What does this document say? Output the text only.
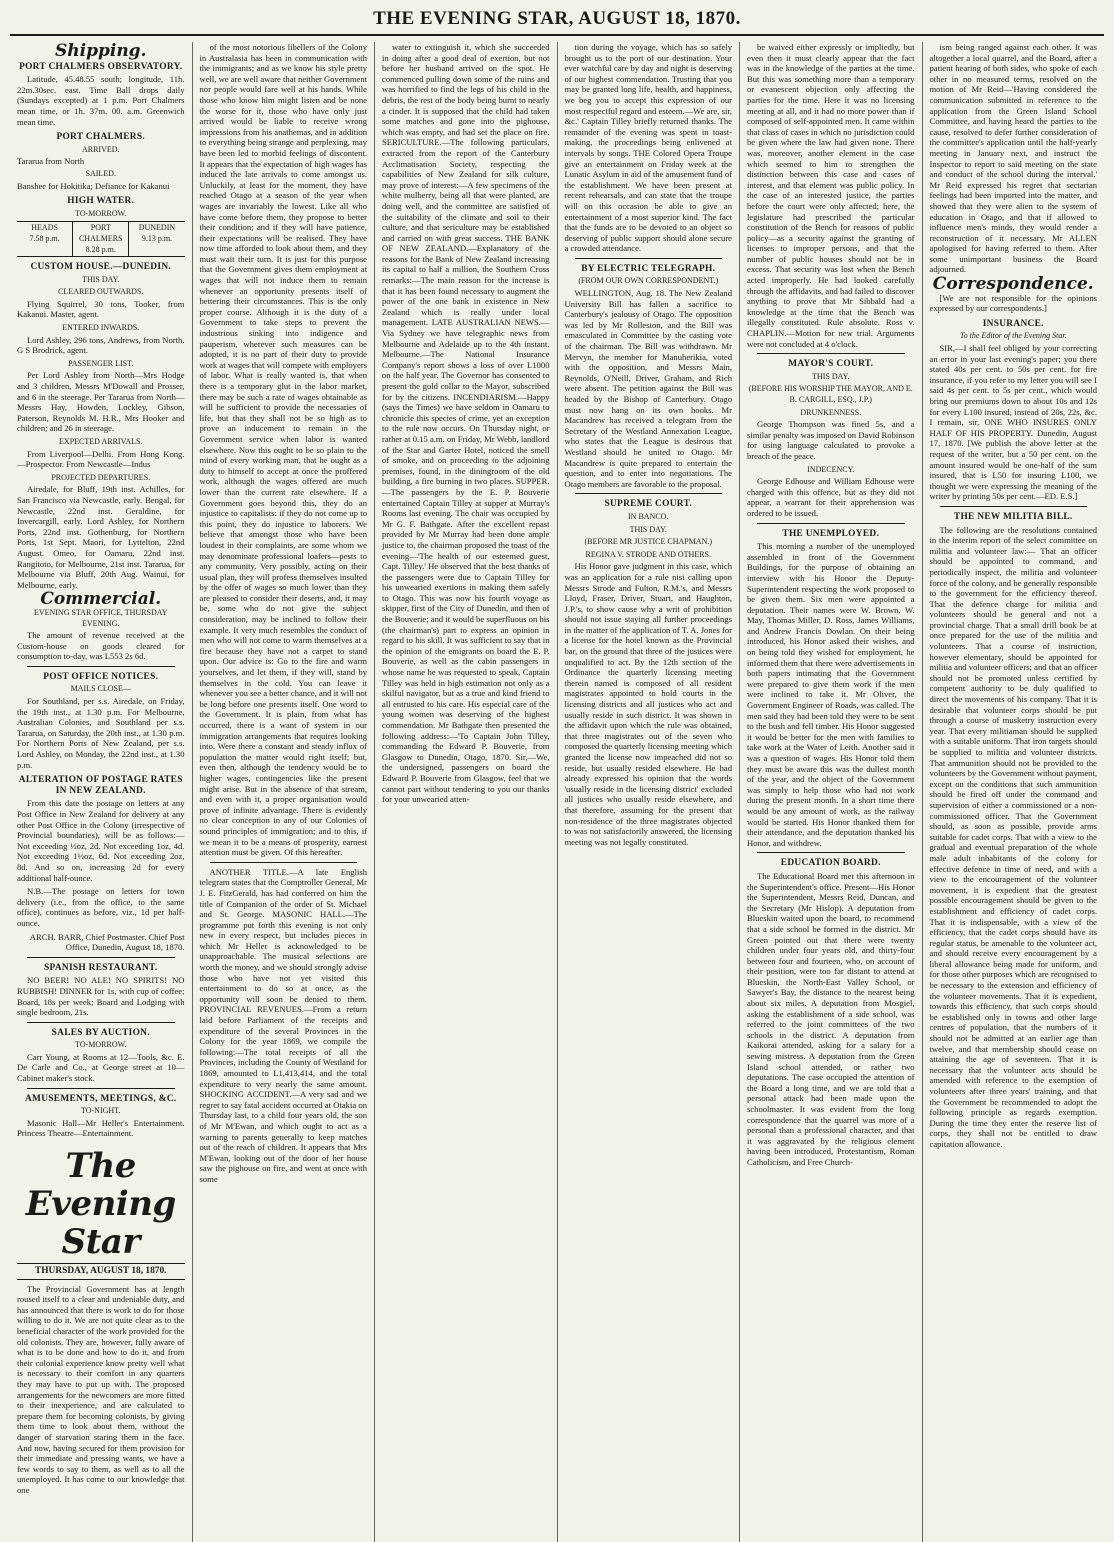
THE EVENING STAR, AUGUST 18, 1870.
Shipping.
PORT CHALMERS OBSERVATORY.

Latitude, 45.48.55 south; longitude, 11h. 22m.30sec. east. Time Ball drops daily (Sundays excepted) at 1 p.m. Port Chalmers mean time, or 1h. 37m. 00. a.m. Greenwich mean time.

PORT CHALMERS.
ARRIVED.

Tararua from North

SAILED.

Banshee for Hokitika; Defiance for Kakanui

HIGH WATER.
TO-MORROW.
HEADS
7.58 p.m.
PORT CHALMERS
8.28 p.m.
DUNEDIN
9.13 p.m.
CUSTOM HOUSE.—DUNEDIN.
THIS DAY.
CLEARED OUTWARDS.

Flying Squirrel, 30 tons, Tooker, from Kakanui. Master, agent.

ENTERED INWARDS.

Lord Ashley, 296 tons, Andrews, from North. G S Brodrick, agent.

PASSENGER LIST.

Per Lord Ashley from North—Mrs Hodge and 3 children, Messrs M'Dowall and Prosser, and 6 in the steerage. Per Tararua from North—Messrs Hay, Howden, Lockley, Gibson, Paterson, Reynolds M. H.R., Mrs Hooker and children; and 26 in steerage.

EXPECTED ARRIVALS.

From Liverpool—Delhi. From Hong Kong.—Prospector. From Newcastle—Indus

PROJECTED DEPARTURES.

Airedale, for Bluff, 19th inst. Achilles, for San Francisco via Newcastle, early. Bengal, for Newcastle, 22nd inst. Geraldine, for Invercargill, early. Lord Ashley, for Northern Ports, 22nd inst. Gothenburg, for Northern Ports, 1st Sept. Maori, for Lyttelton, 22nd August. Omeo, for Oamaru, 22nd inst. Rangitoto, for Melbourne, 21st inst. Tararua, for Melbourne via Bluff, 20th Aug. Wainui, for Melbourne, early.

Commercial.
EVENING STAR OFFICE, THURSDAY EVENING.

The amount of revenue received at the Custom-house on goods cleared for consumption to-day, was L553 2s 6d.

POST OFFICE NOTICES.
MAILS CLOSE—

For Southland, per s.s. Airedale, on Friday, the 19th inst., at 1.30 p.m. For Melbourne, Australian Colonies, and Southland per s.s. Tararua, on Saturday, the 20th inst., at 1.30 p.m. For Northern Ports of New Zealand, per s.s. Lord Ashley, on Monday, the 22nd inst., at 1.30 p.m.

ALTERATION OF POSTAGE RATES IN NEW ZEALAND.

From this date the postage on letters at any Post Office in New Zealand for delivery at any other Post Office in the Colony (irrespective of Provincial boundaries), will be as follows:— Not exceeding ½oz, 2d. Not exceeding 1oz, 4d. Not exceeding 1½oz, 6d. Not exceeding 2oz, 8d. And so on, increasing 2d for every additional half-ounce.

N.B.—The postage on letters for town delivery (i.e., from the office, to the same office), continues as before, viz., 1d per half-ounce.

ARCH. BARR, Chief Postmaster. Chief Post Office, Dunedin, August 18, 1870.

SPANISH RESTAURANT.

NO BEER! NO ALE! NO SPIRITS! NO RUBBISH! DINNER for 1s, with cup of coffee; Board, 18s per week; Board and Lodging with single bedroom, 21s.

SALES BY AUCTION.
TO-MORROW.

Carr Young, at Rooms at 12—Tools, &c. E. De Carle and Co., at George street at 10—Cabinet maker's stock.

AMUSEMENTS, MEETINGS, &C.
TO-NIGHT.

Masonic Hall—Mr Heller's Entertainment. Princess Theatre—Entertainment.

The Evening Star
THURSDAY, AUGUST 18, 1870.

The Provincial Government has at length roused itself to a clear and undeniable duty, and has announced that there is work to do for those willing to do it. We are not quite clear as to the beneficial character of the work provided for the old colonists. They are, however, fully aware of what is to be done and how to do it, and from their colonial experience know pretty well what is necessary to their comfort in any quarters they may have to put up with. The proposed arrangements for the newcomers are more fitted to their inexperience, and are calculated to prepare them for becoming colonists, by giving them time to look about them, without the danger of starvation staring them in the face. And now, having secured for them provision for their immediate and pressing wants, we have a few words to say to them, as well as to all the unemployed. It has come to our knowledge that one

of the most notorious libellers of the Colony in Australasia has been in communication with the immigrants; and as we know his style pretty well, we are well aware that neither Government nor people would fare well at his hands. While those who know him might listen and be none the worse for it, those who have only just arrived would be liable to receive wrong impressions from his anathemas, and in addition to everything being strange and perplexing, may have been led to morbid feelings of discontent. It appears that the expectation of high wages has induced the late arrivals to come amongst us. Unluckily, at least for the moment, they have reached Otago at a season of the year when wages are invariably the lowest. Like all who have come before them, they propose to better their condition; and if they will have patience, their expectations will be realised. They have now time afforded to look about them, and they must wait their turn. It is just for this purpose that the Government gives them employment at wages that will not induce them to remain whenever an opportunity presents itself of bettering their circumstances. This is the only proper course. Although it is the duty of a Government to take steps to prevent the industrious sinking into indigence and pauperism, wherever such measures can be adopted, it is no part of their duty to provide work at wages that will compete with employers of labor. What is really wanted is, that when there is a temporary glut in the labor market, there may be such a rate of wages obtainable as will be sufficient to provide the necessaries of life, but that they shall not be so high as to prove an inducement to remain in the Government service when labor is wanted elsewhere. Now this ought to be so plain to the mind of every working man, that he ought as a duty to himself to accept at once the proffered work, although the wages offered are much lower than the current rate elsewhere. If a Government goes beyond this, they do an injustice to capitalists: if they do not come up to this point, they do injustice to laborers. We believe that amongst those who have been loudest in their complaints, are some whom we may denominate professional loafers—pests to any community. Very possibly, acting on their usual plan, they will profess themselves insulted by the offer of wages so much lower than they are pleased to consider their deserts, and, it may be, some who do not give the subject consideration, may be inclined to follow their example. It very much resembles the conduct of men who will not come to warm themselves at a fire because they have not a carpet to stand upon. Our advice is: Go to the fire and warm yourselves, and let them, if they will, stand by themselves in the cold. You can leave it whenever you see a better chance, and it will not be long before one presents itself. One word to the Government. It is plain, from what has occurred, there is a want of system in our immigration arrangements that requires looking into. Were there a constant and steady influx of population the matter would right itself; but, even then, although the tendency would be to higher wages, contingencies like the present might arise. But in the absence of that stream, and even with it, a proper organisation would prove of infinite advantage. There is evidently no clear conception in any of our Colonies of sound principles of immigration; and to this, if we mean it to be a means of prosperity, earnest attention must be given. Of this hereafter.

ANOTHER TITLE.—A late English telegram states that the Comptroller General, Mr J. E. FitzGerald, has had conferred on him the title of Companion of the order of St. Michael and St. George. MASONIC HALL.—The programme put forth this evening is not only new in every respect, but includes pieces in which Mr Heller is acknowledged to be unapproachable. The musical selections are worth the money, and we should strongly advise those who have not yet visited this entertainment to do so at once, as the opportunity will soon be denied to them. PROVINCIAL REVENUES.—From a return laid before Parliament of the receipts and expenditure of the several Provinces in the Colony for the year 1869, we compile the following:—The total receipts of all the Provinces, including the County of Westland for 1869, amounted to L1,413,414, and the total expenditure to very nearly the same amount. SHOCKING ACCIDENT.—A very sad and we regret to say fatal accident occurred at Otakia on Thursday last, to a child four years old, the son of Mr M'Ewan, and which ought to act as a warning to parents generally to keep matches out of the reach of children. It appears that Mrs M'Ewan, looking out of the door of her house saw the pighouse on fire, and went at once with some

water to extinguish it, which she succeeded in doing after a good deal of exertion, but not before her husband arrived on the spot. He commenced pulling down some of the ruins and was horrified to find the legs of his child in the debris, the rest of the body being burnt to nearly a cinder. It is supposed that the child had taken some matches and gone into the pighouse, which was empty, and had set the place on fire. SERICULTURE.—The following particulars, extracted from the report of the Canterbury Acclimatisation Society, respecting the capabilities of New Zealand for silk culture, may prove of interest:—A few specimens of the white mulberry, being all that were planted, are doing well, and the committee are satisfied of the suitability of the climate and soil to their culture, and that sericulture may be established and carried on with great success. THE BANK OF NEW ZEALAND.—Explanatory of the reasons for the Bank of New Zealand increasing its capital to half a million, the Southern Cross remarks:—The main reason for the increase is that it has been found necessary to augment the power of the one bank in existence in New Zealand which is really under local management. LATE AUSTRALIAN NEWS.—Via Sydney we have telegraphic news from Melbourne and Adelaide up to the 4th instant. Melbourne.—The National Insurance Company's report shows a loss of over L1000 on the half year. The Governor has consented to present the gold collar to the Mayor, subscribed for by the citizens. INCENDIARISM.—Happy (says the Times) we have seldom in Oamaru to chronicle this species of crime, yet an exception to the rule now occurs. On Thursday night, or rather at 0.15 a.m. on Friday, Mr Webb, landlord of the Star and Garter Hotel, noticed the smell of smoke, and on proceeding to the adjoining premises, found, in the diningroom of the old building, a fire burning in two places. SUPPER.—The passengers by the E. P. Bouverie entertained Captain Tilley at supper at Murray's Rooms last evening. The chair was occupied by Mr G. F. Bathgate. After the excellent repast provided by Mr Murray had been done ample justice to, the chairman proposed the toast of the evening—'The health of our esteemed guest, Capt. Tilley.' He observed that the best thanks of the passengers were due to Captain Tilley for his unwearied exertions in making them safely to Otago. This was now his fourth voyage as skipper, first of the City of Dunedin, and then of the Bouverie; and it would be superfluous on his (the chairman's) part to express an opinion in regard to his skill. It was sufficient to say that in the opinion of the emigrants on board the E. P. Bouverie, as well as the cabin passengers in whose name he was requested to speak, Captain Tilley was held in high estimation not only as a skilful navigator, but as a true and kind friend to all entrusted to his care. His especial care of the young women was deserving of the highest commendation. Mr Bathgate then presented the following address:—'To Captain John Tilley, commanding the Edward P. Bouverie, from Glasgow to Dunedin, Otago, 1870. Sir,—We, the undersigned, passengers on board the Edward P. Bouverie from Glasgow, feel that we cannot part without tendering to you our thanks for your unwearied atten-

tion during the voyage, which has so safely brought us to the port of our destination. Your ever watchful care by day and night is deserving of our highest commendation. Trusting that you may be granted long life, health, and happiness, we beg you to accept this expression of our most respectful regard and esteem.—We are, sir, &c.' Captain Tilley briefly returned thanks. The remainder of the evening was spent in toast-making, the proceedings being enlivened at intervals by songs. THE Colored Opera Troupe give an entertainment on Friday week at the Lunatic Asylum in aid of the amusement fund of the establishment. We have been present at recent rehearsals, and can state that the troupe will on this occasion be able to give an entertainment of a most superior kind. The fact that the funds are to be devoted to an object so deserving of public support should alone secure a crowded attendance.

BY ELECTRIC TELEGRAPH.
(FROM OUR OWN CORRESPONDENT.)

WELLINGTON, Aug. 18. The New Zealand University Bill has fallen a sacrifice to Canterbury's jealousy of Otago. The opposition was led by Mr Rolleston, and the Bill was emasculated in Committee by the casting vote of the chairman. The Bill was withdrawn. Mr Mervyn, the member for Manuherikia, voted with the opposition, and Messrs Main, Reynolds, O'Neill, Driver, Graham, and Rich were absent. The petition against the Bill was headed by the Bishop of Canterbury. Otago must now hang on its own hooks. Mr Macandrew has received a telegram from the Secretary of the Westland Annexation League, who states that the League is desirous that Westland should be united to Otago. Mr Macandrew is quite prepared to entertain the question, and to enter into negotiations. The Otago members are favorable to the proposal.

SUPREME COURT.
IN BANCO.
THIS DAY.
(BEFORE MR JUSTICE CHAPMAN.)
REGINA V. STRODE AND OTHERS.

His Honor gave judgment in this case, which was an application for a rule nisi calling upon Messrs Strode and Fulton, R.M.'s, and Messrs Lloyd, Fraser, Driver, Stuart, and Haughton, J.P.'s, to show cause why a writ of prohibition should not issue staying all further proceedings in the matter of the application of T. A. Jones for a license for the hotel known as the Provincial bar, on the ground that three of the justices were unqualified to act. By the 12th section of the Ordinance the quarterly licensing meeting therein named is composed of all resident magistrates appointed to hold courts in the licensing districts and all justices who act and usually reside in such district. It was shown in the affidavit upon which the rule was obtained, that three magistrates out of the seven who composed the quarterly licensing meeting which granted the license now impeached did not so reside, but usually resided elsewhere. He had already expressed his opinion that the words 'usually reside in the licensing district' excluded all justices who usually reside elsewhere, and that therefore, assuming for the present that non-residence of the three magistrates objected to was not satisfactorily answered, the licensing meeting was not legally constituted.

be waived either expressly or impliedly, but even then it must clearly appear that the fact was in the knowledge of the parties at the time. But this was something more than a temporary or evanescent objection only affecting the parties for the time. Here it was no licensing meeting at all, and it had no more power than if composed of self-appointed men. It came within that class of cases in which no jurisdiction could be given where the law had given none. There was, moreover, another element in the case which seemed to him to strengthen the distinction between this case and cases of interest, and that element was public policy. In the case of an interested justice, the parties before the court were only affected; here, the legislature had prescribed the particular constitution of the Bench for reasons of public policy—as a security against the granting of licenses to improper persons, and that the number of public houses should not be in excess. That security was lost when the Bench acted improperly. He had looked carefully through the affidavits, and had failed to discover anything to prove that Mr Sibbald had a knowledge at the time that the Bench was illegally constituted. Rule absolute. Ross v. CHAPLIN.—Motion for new trial. Arguments were not concluded at 4 o'clock.

MAYOR'S COURT.
THIS DAY.
(BEFORE HIS WORSHIP THE MAYOR, AND E. B. CARGILL, ESQ., J.P.)
DRUNKENNESS.

George Thompson was fined 5s, and a similar penalty was imposed on David Robinson for using language calculated to provoke a breach of the peace.

INDECENCY.

George Edhouse and William Edhouse were charged with this offence, but as they did not appear, a warrant for their apprehension was ordered to be issued.

THE UNEMPLOYED.

This morning a number of the unemployed assembled in front of the Government Buildings, for the purpose of obtaining an interview with his Honor the Deputy-Superintendent respecting the work proposed to be given them. Six men were appointed a deputation. Their names were W. Brown, W. May, Thomas Miller, D. Ross, James Williams, and Andrew Francis Dowlan. On their being introduced, his Honor asked their wishes, and on being told they wished for employment, he informed them that there were advertisements in both papers intimating that the Government were prepared to give them work if the men were inclined to take it. Mr Oliver, the Government Engineer of Roads, was called. The men said they had been told they were to be sent to the bush and fell timber. His Honor suggested it would be better for the men with families to take work at the Water of Leith. Another said it was a question of wages. His Honor told them they must be aware this was the dullest month of the year, and the object of the Government was simply to help those who had not work during the present month. In a short time there would be any amount of work, as the railway would be started. His Honor thanked them for their attendance, and the deputation thanked his Honor, and withdrew.

EDUCATION BOARD.

The Educational Board met this afternoon in the Superintendent's office. Present—His Honor the Superintendent, Messrs Reid, Duncan, and the Secretary (Mr Hislop). A deputation from Blueskin waited upon the board, to recommend that a side school be formed in the district. Mr Green pointed out that there were twenty children under four years old, and thirty-four between four and fourteen, who, on account of their position, were too far distant to attend at Blueskin, the North-East Valley School, or Sawyer's Bay, the distance to the nearest being about six miles. A deputation from Mosgiel, asking the establishment of a side school, was referred to the joint committees of the two schools in the district. A deputation from Kaikorai attended, asking for a salary for a sewing mistress. A deputation from the Green Island school attended, or rather two deputations. The case occupied the attention of the Board a long time, and we are told that a personal attack had been made upon the schoolmaster. It was evident from the long correspondence that the quarrel was more of a personal than a professional character, and that it was aggravated by the religious element having been introduced, Protestantism, Roman Catholicism, and Free Church-

ism being ranged against each other. It was altogether a local quarrel, and the Board, after a patient hearing of both sides, who spoke of each other in no measured terms, resolved on the motion of Mr Reid—'Having considered the communication submitted in reference to the application from the Green Island School Committee, and having heard the parties to the cause, resolved to defer further consideration of the committee's application until the half-yearly meeting in January next, and instruct the Inspector to report to said meeting on the state and conduct of the school during the interval.' Mr Reid expressed his regret that sectarian feelings had been imported into the matter, and showed that they were alien to the system of education in Otago, and that if allowed to influence men's minds, they would render a reconstruction of it necessary. Mr ALLEN apologised for having referred to them. After some unimportant business the Board adjourned.

Correspondence.

[We are not responsible for the opinions expressed by our correspondents.]

INSURANCE.
To the Editor of the Evening Star.

SIR,—I shall feel obliged by your correcting an error in your last evening's paper; you there stated 40s per cent. to 50s per cent. for fire insurance, if you refer to my letter you will see I said 4s per cent. to 5s per cent., which would bring our premiums down to about 10s and 12s for every L100 insured, instead of 20s, 22s, &c. I remain, sir, ONE WHO INSURES ONLY HALF OF HIS PROPERTY. Dunedin, August 17, 1870. [We publish the above letter at the request of the writer, but a 50 per cent. on the amount insured would be one-half of the sum insured, that is L50 for insuring L100, we thought we were expressing the meaning of the writer by printing 50s per cent.—ED. E.S.]

THE NEW MILITIA BILL.

The following are the resolutions contained in the interim report of the select committee on militia and volunteer law:— That an officer should be appointed to command, and periodically inspect, the militia and volunteer force of the colony, and be generally responsible to the government for the efficiency thereof. That the defence charge for militia and volunteers should be general and not a provincial charge. That a small drill book be at once prepared for the use of the militia and volunteers. That a course of instruction, however elementary, should be appointed for militia and volunteer officers; and that an officer should not be promoted unless certified by competent authority to be duly qualified to direct the movements of his company. That it is desirable that volunteer corps should be put through a course of musketry instruction every year. That every militiaman should be supplied with a suitable uniform. That iron targets should be supplied to militia and volunteer districts. That ammunition should not be provided to the volunteers by the Government without payment, except on the conditions that such ammunition should be fired off under the command and supervision of either a commissioned or a non-commissioned officer. That the Government should, as soon as possible, provide arms suitable for cadet corps. That with a view to the gradual and eventual preparation of the whole male adult inhabitants of the colony for effective defence in time of need, and with a view to the encouragement of the volunteer movement, it is expedient that the greatest possible encouragement should be given to the establishment and efficiency of cadet corps. That it is indispensable, with a view of the efficiency, that the cadet corps should have its regular status, be amenable to the volunteer act, and should receive every encouragement by a liberal allowance being made for uniform, and for those other purposes which are recognised to be necessary to the extension and efficiency of the volunteer movements. That it is expedient, towards this efficiency, that such corps should be established only in towns and other large centres of population, that the numbers of it should not be admitted at an earlier age than twelve, and that membership should cease on attaining the age of seventeen. That it is necessary that the volunteer acts should be amended with reference to the exemption of volunteers after three years' training, and that the Government be recommended to adopt the following principle as regards exemption. During the time they enter the reserve list of corps, they shall not be entitled to draw capitation allowance.
